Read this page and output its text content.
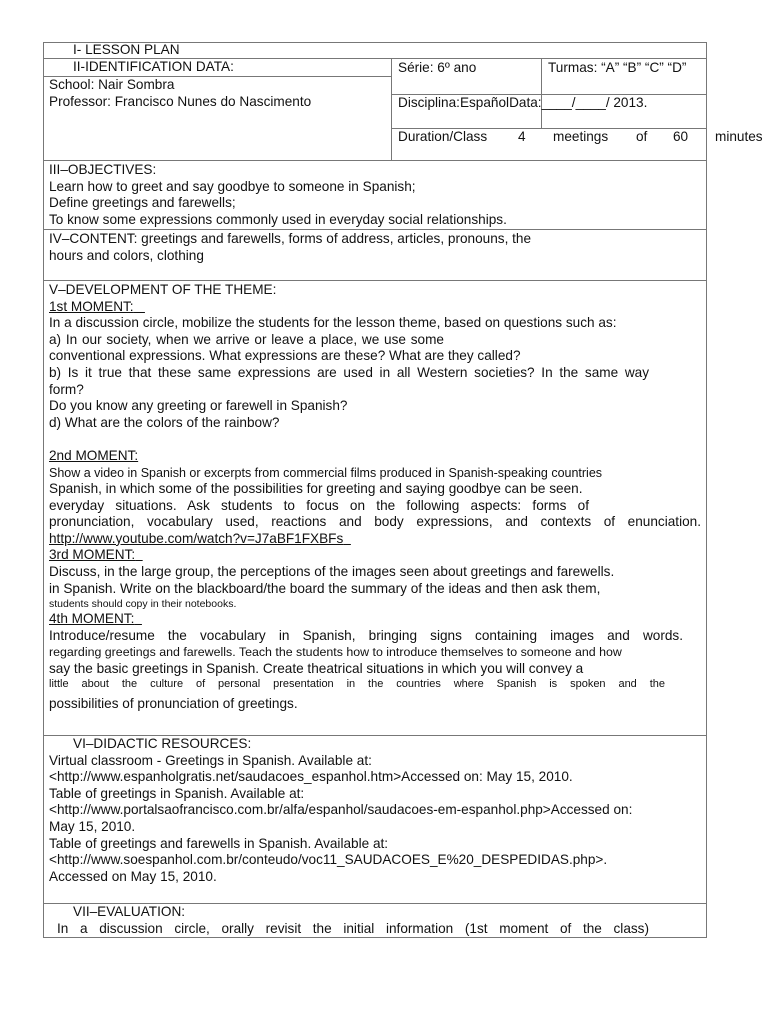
I- LESSON PLAN
II-IDENTIFICATION DATA:
School: Nair Sombra
Professor: Francisco Nunes do Nascimento
Série: 6º ano	Turmas: “A” “B” “C” “D”
Disciplina:EspañolData:____/____/ 2013.
Duration/Class 4 meetings of 60 minutes

III–OBJECTIVES:

Learn how to greet and say goodbye to someone in Spanish;

Define greetings and farewells;

To know some expressions commonly used in everyday social relationships.

IV–CONTENT: greetings and farewells, forms of address, articles, pronouns, the

hours and colors, clothing

V–DEVELOPMENT OF THE THEME:

1st MOMENT:

In a discussion circle, mobilize the students for the lesson theme, based on questions such as:

a) In our society, when we arrive or leave a place, we use some

conventional expressions. What expressions are these? What are they called?

b) Is it true that these same expressions are used in all Western societies? In the same way

form?

Do you know any greeting or farewell in Spanish?

d) What are the colors of the rainbow?

2nd MOMENT:

Show a video in Spanish or excerpts from commercial films produced in Spanish-speaking countries

Spanish, in which some of the possibilities for greeting and saying goodbye can be seen.

everyday situations. Ask students to focus on the following aspects: forms of

pronunciation, vocabulary used, reactions and body expressions, and contexts of enunciation.

http://www.youtube.com/watch?v=J7aBF1FXBFs

3rd MOMENT:

Discuss, in the large group, the perceptions of the images seen about greetings and farewells.

in Spanish. Write on the blackboard/the board the summary of the ideas and then ask them,

students should copy in their notebooks.

4th MOMENT:

Introduce/resume the vocabulary in Spanish, bringing signs containing images and words.

regarding greetings and farewells. Teach the students how to introduce themselves to someone and how

say the basic greetings in Spanish. Create theatrical situations in which you will convey a

little about the culture of personal presentation in the countries where Spanish is spoken and the

possibilities of pronunciation of greetings.

VI–DIDACTIC RESOURCES:

Virtual classroom - Greetings in Spanish. Available at:

<http://www.espanholgratis.net/saudacoes_espanhol.htm>Accessed on: May 15, 2010.

Table of greetings in Spanish. Available at:

<http://www.portalsaofrancisco.com.br/alfa/espanhol/saudacoes-em-espanhol.php>Accessed on:

May 15, 2010.

Table of greetings and farewells in Spanish. Available at:

<http://www.soespanhol.com.br/conteudo/voc11_SAUDACOES_E%20_DESPEDIDAS.php>.

Accessed on May 15, 2010.

VII–EVALUATION:

In a discussion circle, orally revisit the initial information (1st moment of the class)
